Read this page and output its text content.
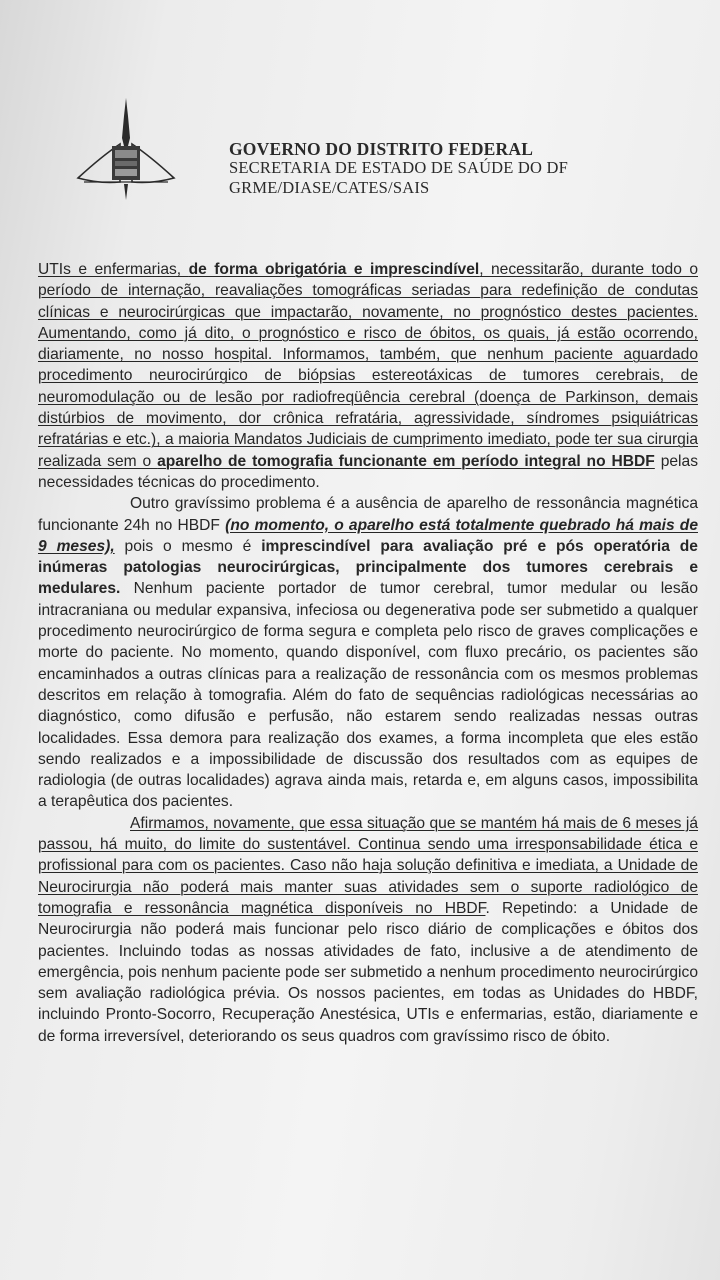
GOVERNO DO DISTRITO FEDERAL
SECRETARIA DE ESTADO DE SAÚDE DO DF
GRME/DIASE/CATES/SAIS

UTIs e enfermarias, de forma obrigatória e imprescindível, necessitarão, durante todo o período de internação, reavaliações tomográficas seriadas para redefinição de condutas clínicas e neurocirúrgicas que impactarão, novamente, no prognóstico destes pacientes. Aumentando, como já dito, o prognóstico e risco de óbitos, os quais, já estão ocorrendo, diariamente, no nosso hospital. Informamos, também, que nenhum paciente aguardado procedimento neurocirúrgico de biópsias estereotáxicas de tumores cerebrais, de neuromodulação ou de lesão por radiofreqüência cerebral (doença de Parkinson, demais distúrbios de movimento, dor crônica refratária, agressividade, síndromes psiquiátricas refratárias e etc.), a maioria Mandatos Judiciais de cumprimento imediato, pode ter sua cirurgia realizada sem o aparelho de tomografia funcionante em período integral no HBDF pelas necessidades técnicas do procedimento.

Outro gravíssimo problema é a ausência de aparelho de ressonância magnética funcionante 24h no HBDF (no momento, o aparelho está totalmente quebrado há mais de 9 meses), pois o mesmo é imprescindível para avaliação pré e pós operatória de inúmeras patologias neurocirúrgicas, principalmente dos tumores cerebrais e medulares. Nenhum paciente portador de tumor cerebral, tumor medular ou lesão intracraniana ou medular expansiva, infeciosa ou degenerativa pode ser submetido a qualquer procedimento neurocirúrgico de forma segura e completa pelo risco de graves complicações e morte do paciente. No momento, quando disponível, com fluxo precário, os pacientes são encaminhados a outras clínicas para a realização de ressonância com os mesmos problemas descritos em relação à tomografia. Além do fato de sequências radiológicas necessárias ao diagnóstico, como difusão e perfusão, não estarem sendo realizadas nessas outras localidades. Essa demora para realização dos exames, a forma incompleta que eles estão sendo realizados e a impossibilidade de discussão dos resultados com as equipes de radiologia (de outras localidades) agrava ainda mais, retarda e, em alguns casos, impossibilita a terapêutica dos pacientes.

Afirmamos, novamente, que essa situação que se mantém há mais de 6 meses já passou, há muito, do limite do sustentável. Continua sendo uma irresponsabilidade ética e profissional para com os pacientes. Caso não haja solução definitiva e imediata, a Unidade de Neurocirurgia não poderá mais manter suas atividades sem o suporte radiológico de tomografia e ressonância magnética disponíveis no HBDF. Repetindo: a Unidade de Neurocirurgia não poderá mais funcionar pelo risco diário de complicações e óbitos dos pacientes. Incluindo todas as nossas atividades de fato, inclusive a de atendimento de emergência, pois nenhum paciente pode ser submetido a nenhum procedimento neurocirúrgico sem avaliação radiológica prévia. Os nossos pacientes, em todas as Unidades do HBDF, incluindo Pronto-Socorro, Recuperação Anestésica, UTIs e enfermarias, estão, diariamente e de forma irreversível, deteriorando os seus quadros com gravíssimo risco de óbito.
